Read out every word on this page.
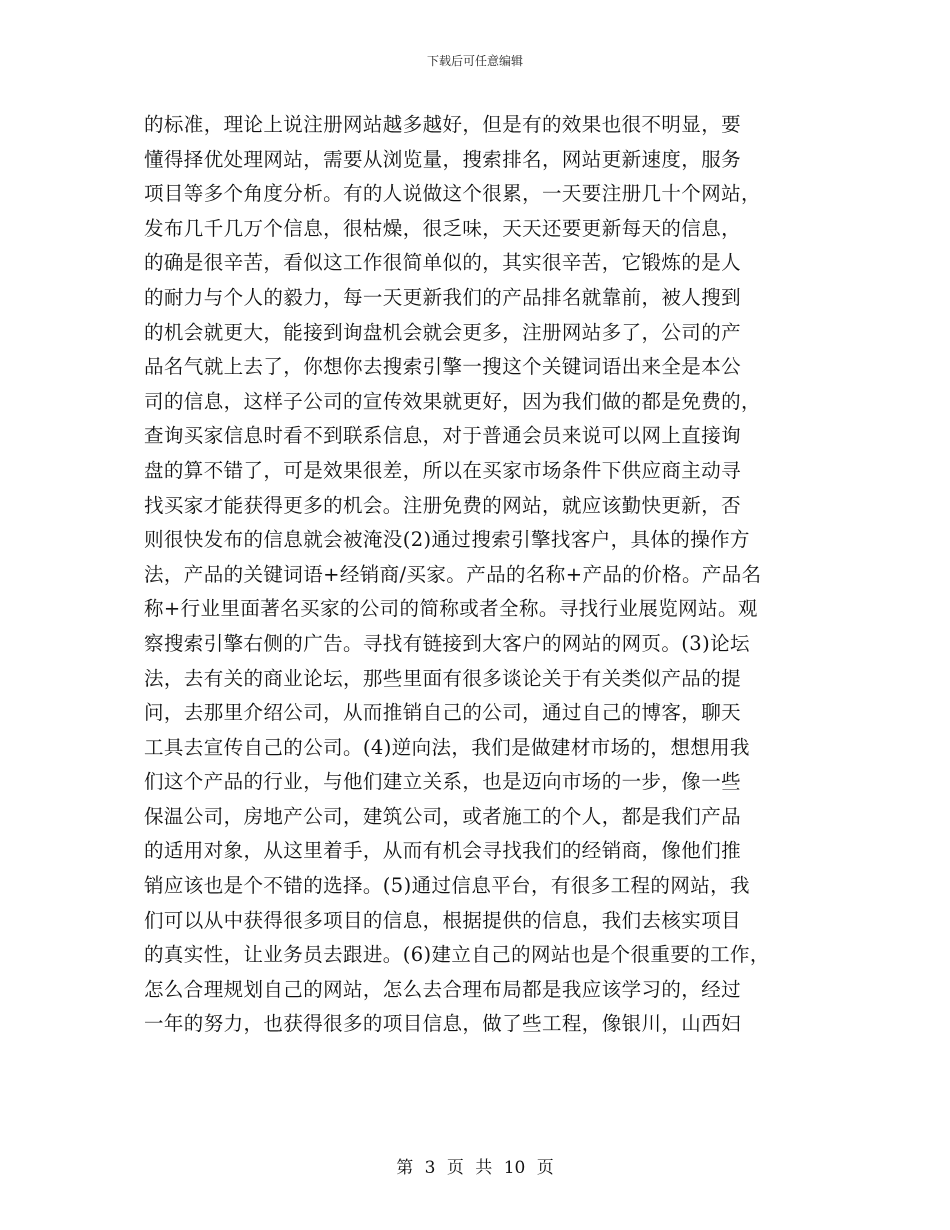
下载后可任意编辑
的标准，理论上说注册网站越多越好，但是有的效果也很不明显，要
懂得择优处理网站，需要从浏览量，搜索排名，网站更新速度，服务
项目等多个角度分析。有的人说做这个很累，一天要注册几十个网站，
发布几千几万个信息，很枯燥，很乏味，天天还要更新每天的信息，
的确是很辛苦，看似这工作很简单似的，其实很辛苦，它锻炼的是人
的耐力与个人的毅力，每一天更新我们的产品排名就靠前，被人搜到
的机会就更大，能接到询盘机会就会更多，注册网站多了，公司的产
品名气就上去了，你想你去搜索引擎一搜这个关键词语出来全是本公
司的信息，这样子公司的宣传效果就更好，因为我们做的都是免费的，
查询买家信息时看不到联系信息，对于普通会员来说可以网上直接询
盘的算不错了，可是效果很差，所以在买家市场条件下供应商主动寻
找买家才能获得更多的机会。注册免费的网站，就应该勤快更新，否
则很快发布的信息就会被淹没(2)通过搜索引擎找客户，具体的操作方
法，产品的关键词语+经销商/买家。产品的名称+产品的价格。产品名
称+行业里面著名买家的公司的简称或者全称。寻找行业展览网站。观
察搜索引擎右侧的广告。寻找有链接到大客户的网站的网页。(3)论坛
法，去有关的商业论坛，那些里面有很多谈论关于有关类似产品的提
问，去那里介绍公司，从而推销自己的公司，通过自己的博客，聊天
工具去宣传自己的公司。(4)逆向法，我们是做建材市场的，想想用我
们这个产品的行业，与他们建立关系，也是迈向市场的一步，像一些
保温公司，房地产公司，建筑公司，或者施工的个人，都是我们产品
的适用对象，从这里着手，从而有机会寻找我们的经销商，像他们推
销应该也是个不错的选择。(5)通过信息平台，有很多工程的网站，我
们可以从中获得很多项目的信息，根据提供的信息，我们去核实项目
的真实性，让业务员去跟进。(6)建立自己的网站也是个很重要的工作，
怎么合理规划自己的网站，怎么去合理布局都是我应该学习的，经过
一年的努力，也获得很多的项目信息，做了些工程，像银川，山西妇
第 3 页 共 10 页
